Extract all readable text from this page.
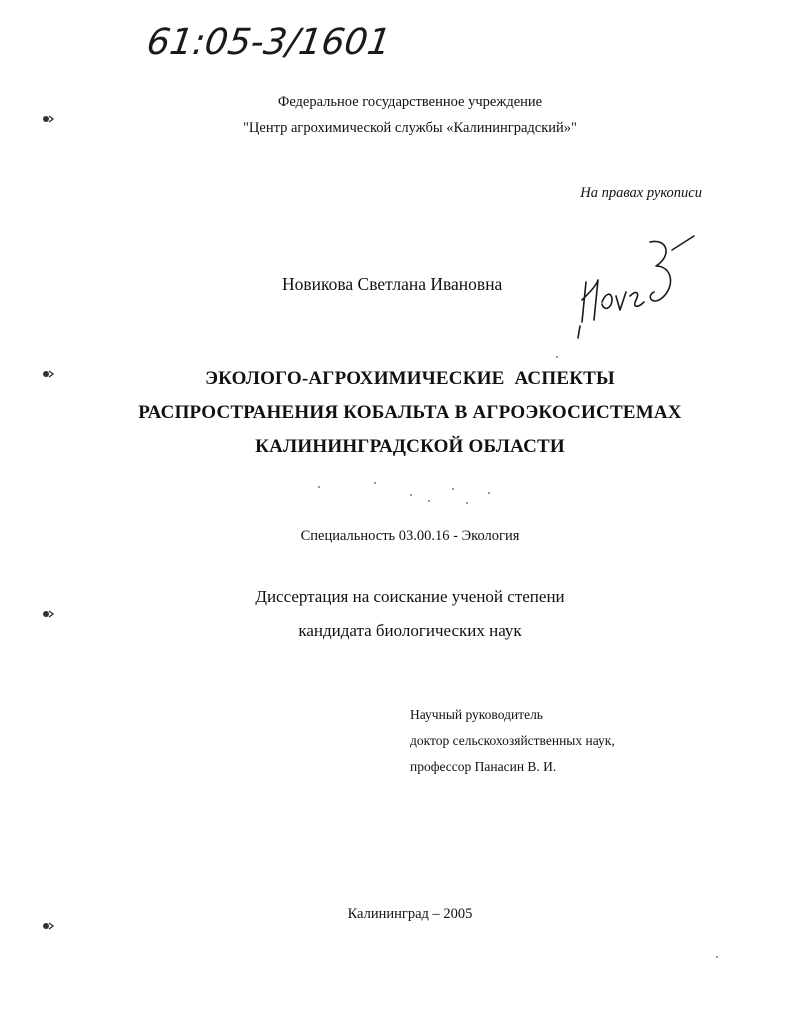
61:05-3/1601
Федеральное государственное учреждение
"Центр агрохимической службы «Калининградский»"
На правах рукописи
Новикова Светлана Ивановна
ЭКОЛОГО-АГРОХИМИЧЕСКИЕ  АСПЕКТЫ
РАСПРОСТРАНЕНИЯ КОБАЛЬТА В АГРОЭКОСИСТЕМАХ
КАЛИНИНГРАДСКОЙ ОБЛАСТИ
Специальность 03.00.16 - Экология
Диссертация на соискание ученой степени
кандидата биологических наук
Научный руководитель
доктор сельскохозяйственных наук,
профессор Панасин В. И.
Калининград – 2005
